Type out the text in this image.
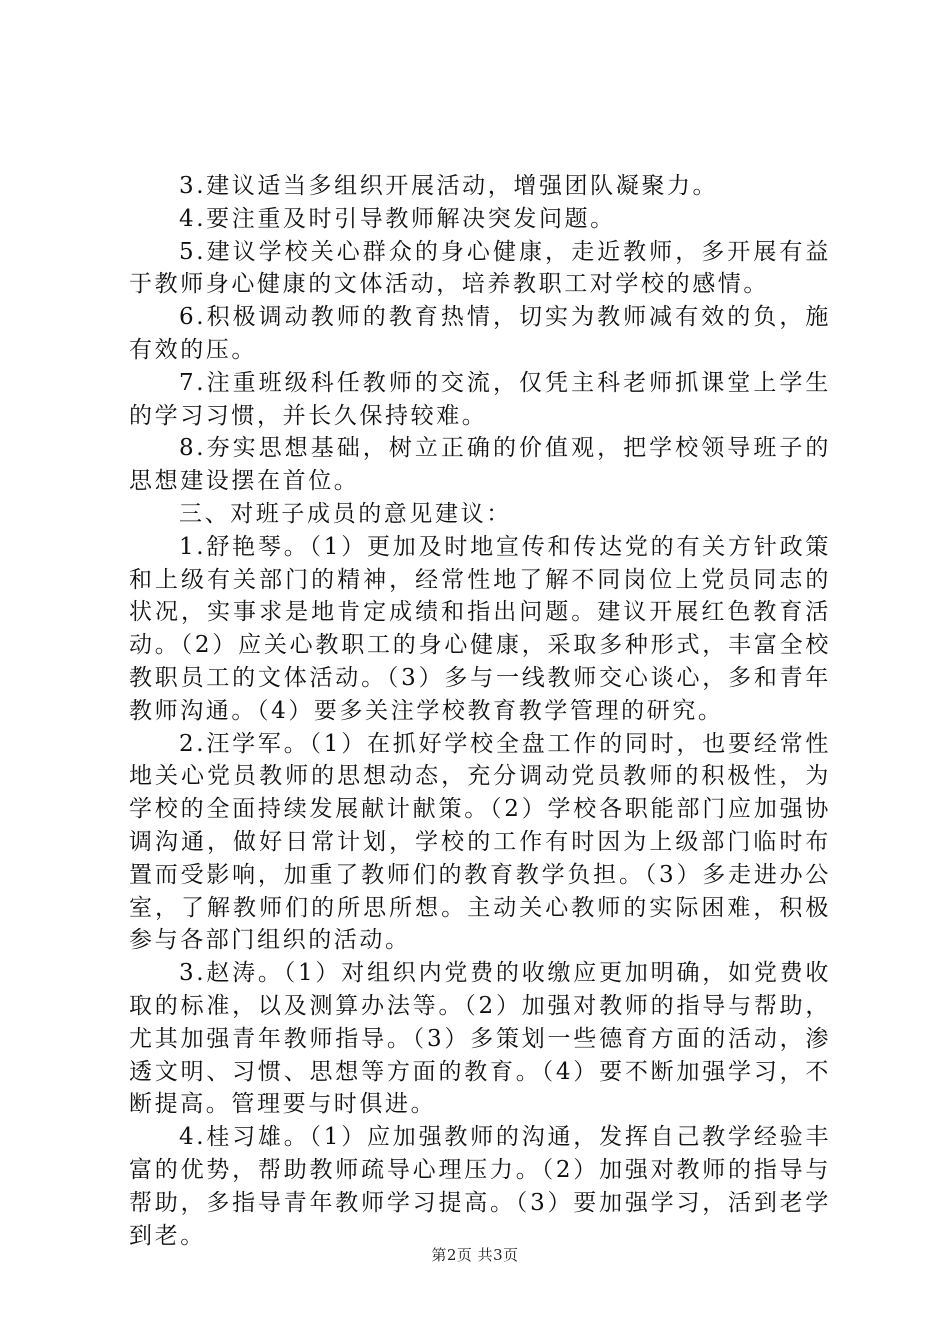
3.建议适当多组织开展活动，增强团队凝聚力。

4.要注重及时引导教师解决突发问题。

5.建议学校关心群众的身心健康，走近教师，多开展有益于教师身心健康的文体活动，培养教职工对学校的感情。

6.积极调动教师的教育热情，切实为教师减有效的负，施有效的压。

7.注重班级科任教师的交流，仅凭主科老师抓课堂上学生的学习习惯，并长久保持较难。

8.夯实思想基础，树立正确的价值观，把学校领导班子的思想建设摆在首位。

三、对班子成员的意见建议：

1.舒艳琴。（1）更加及时地宣传和传达党的有关方针政策和上级有关部门的精神，经常性地了解不同岗位上党员同志的状况，实事求是地肯定成绩和指出问题。建议开展红色教育活动。（2）应关心教职工的身心健康，采取多种形式，丰富全校教职员工的文体活动。（3）多与一线教师交心谈心，多和青年教师沟通。（4）要多关注学校教育教学管理的研究。

2.汪学军。（1）在抓好学校全盘工作的同时，也要经常性地关心党员教师的思想动态，充分调动党员教师的积极性，为学校的全面持续发展献计献策。（2）学校各职能部门应加强协调沟通，做好日常计划，学校的工作有时因为上级部门临时布置而受影响，加重了教师们的教育教学负担。（3）多走进办公室，了解教师们的所思所想。主动关心教师的实际困难，积极参与各部门组织的活动。

3.赵涛。（1）对组织内党费的收缴应更加明确，如党费收取的标准，以及测算办法等。（2）加强对教师的指导与帮助，尤其加强青年教师指导。（3）多策划一些德育方面的活动，渗透文明、习惯、思想等方面的教育。（4）要不断加强学习，不断提高。管理要与时俱进。

4.桂习雄。（1）应加强教师的沟通，发挥自己教学经验丰富的优势，帮助教师疏导心理压力。（2）加强对教师的指导与帮助，多指导青年教师学习提高。（3）要加强学习，活到老学到老。

第2页 共3页
